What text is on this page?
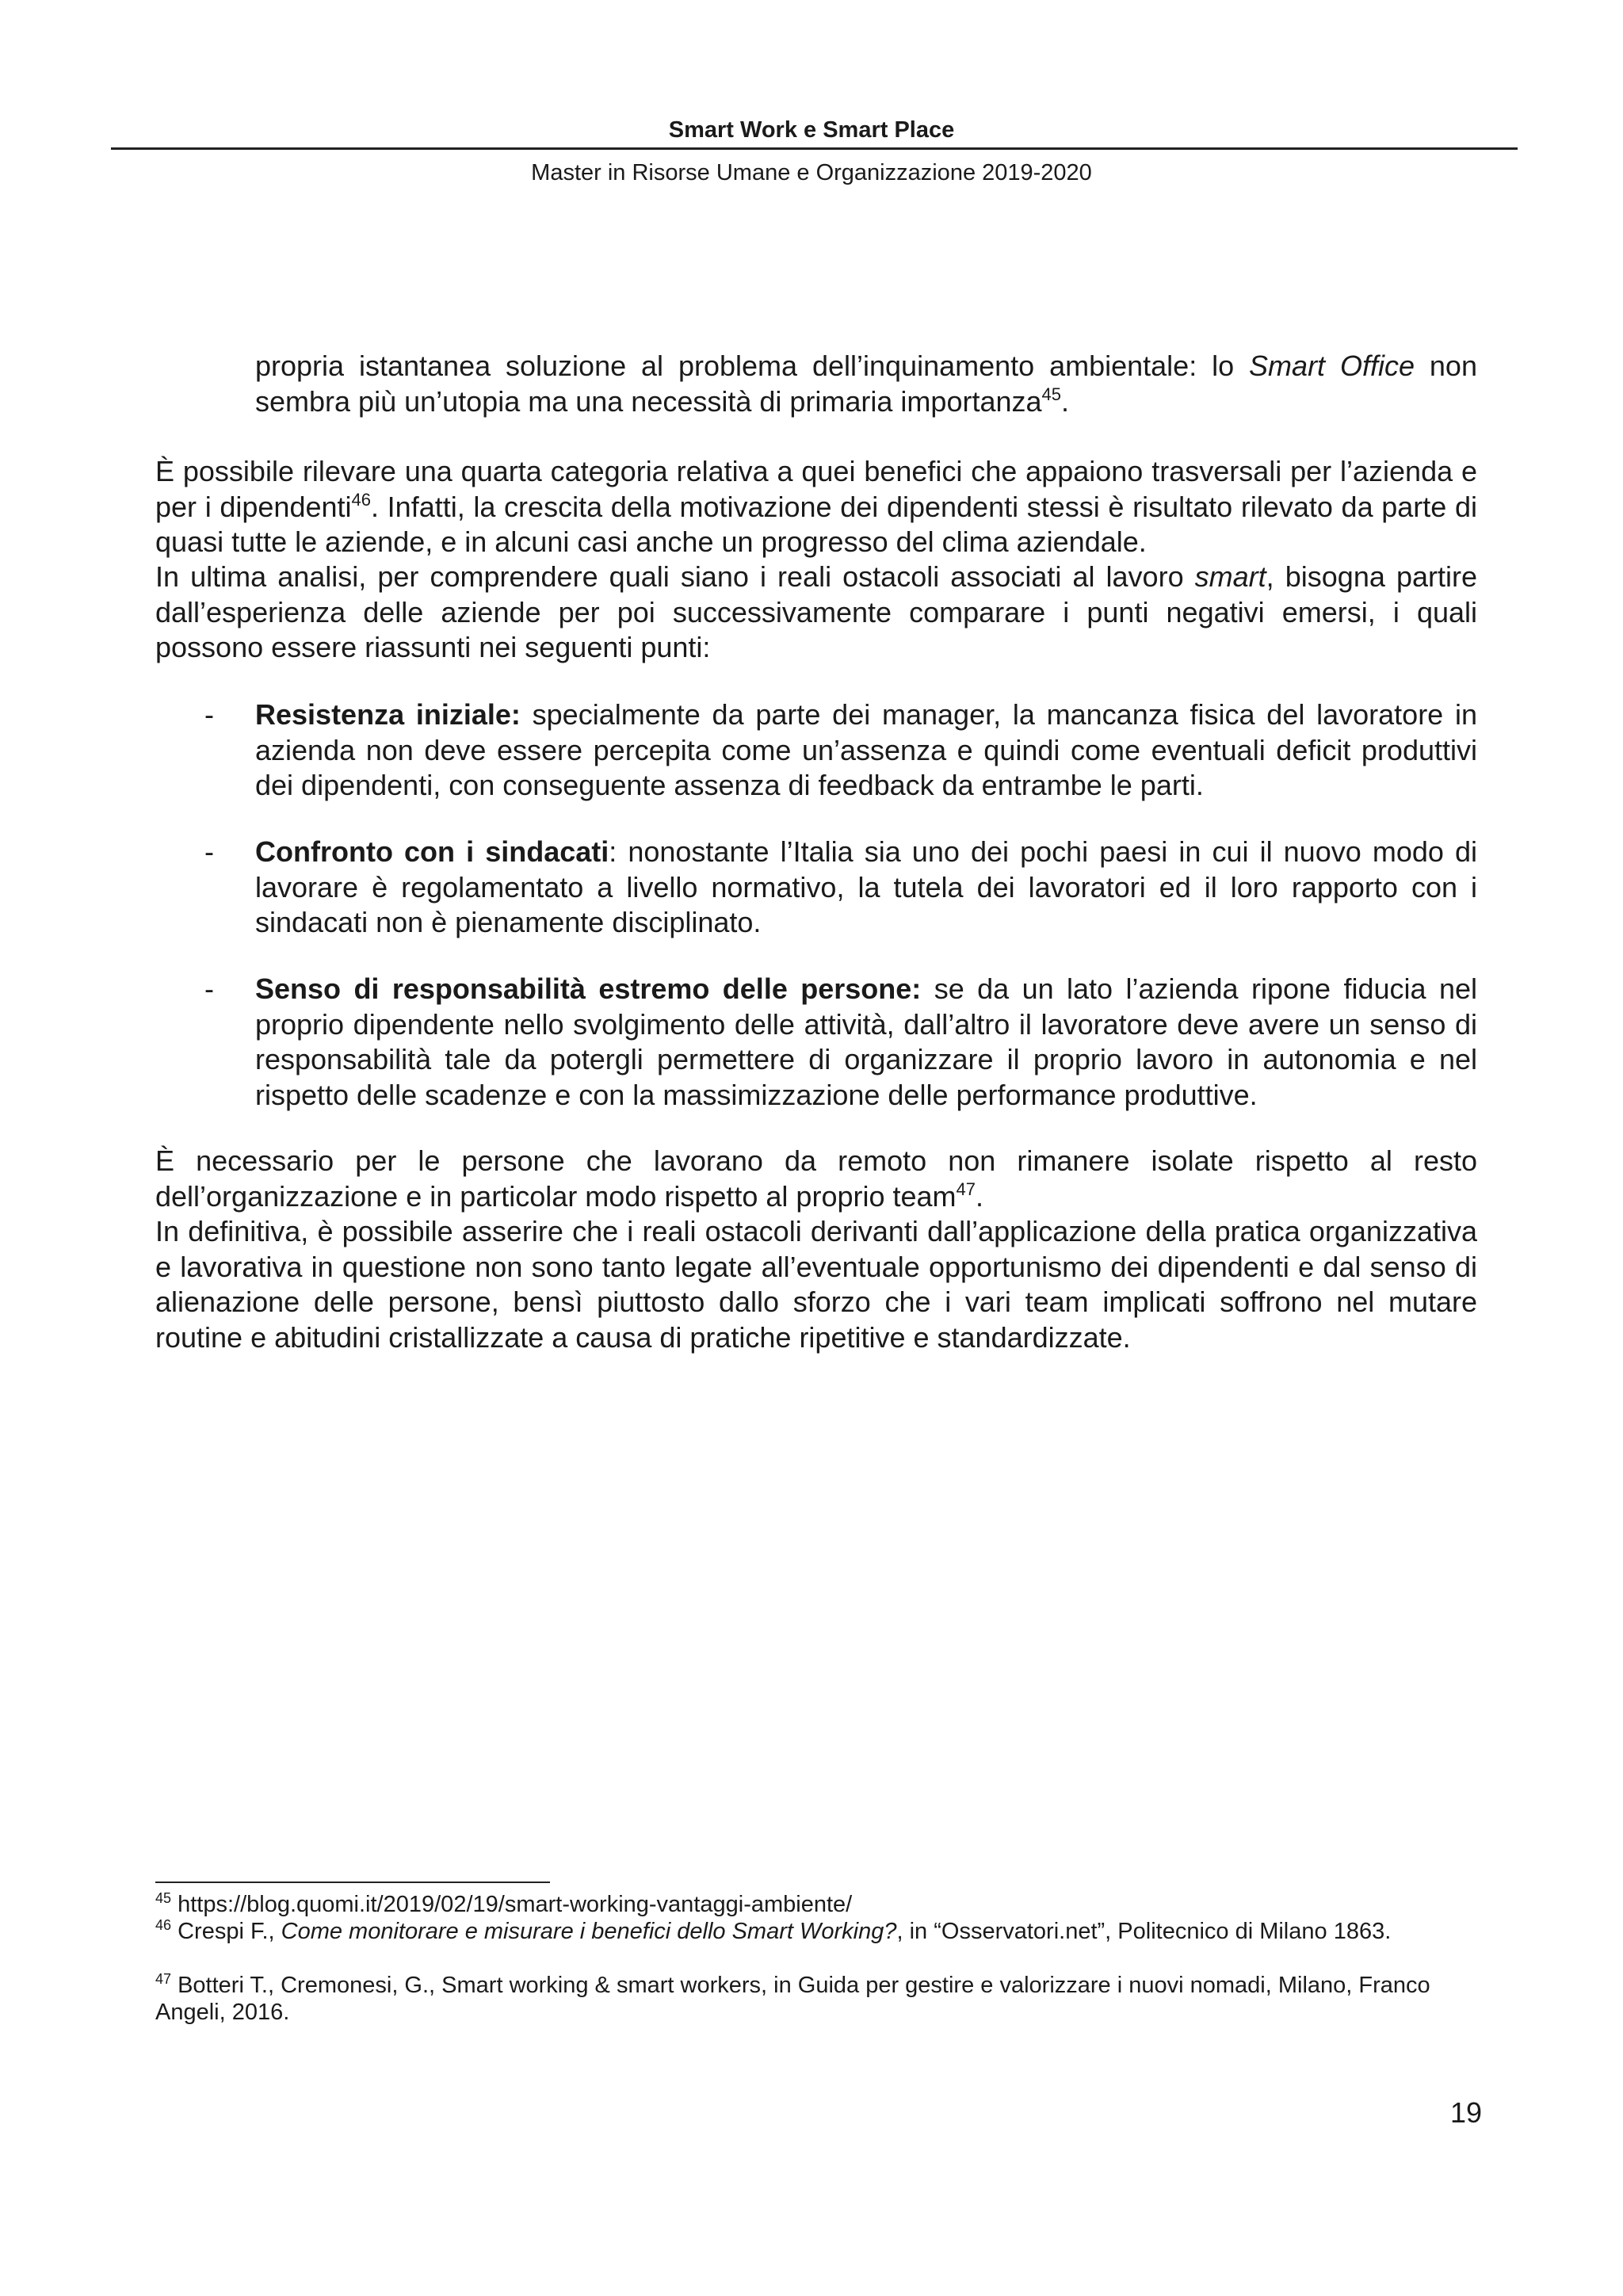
Smart Work e Smart Place
Master in Risorse Umane e Organizzazione 2019-2020
propria istantanea soluzione al problema dell’inquinamento ambientale: lo Smart Office non
sembra più un’utopia ma una necessità di primaria importanza$^{45}$.
È possibile rilevare una quarta categoria relativa a quei benefici che appaiono trasversali per l’azienda e per i dipendenti$^{46}$. Infatti, la crescita della motivazione dei dipendenti stessi è risultato rilevato da parte di quasi tutte le aziende, e in alcuni casi anche un progresso del clima aziendale.
In ultima analisi, per comprendere quali siano i reali ostacoli associati al lavoro smart, bisogna partire dall’esperienza delle aziende per poi successivamente comparare i punti negativi emersi, i quali possono essere riassunti nei seguenti punti:
- Resistenza iniziale: specialmente da parte dei manager, la mancanza fisica del lavoratore in azienda non deve essere percepita come un’assenza e quindi come eventuali deficit produttivi dei dipendenti, con conseguente assenza di feedback da entrambe le parti.
- Confronto con i sindacati: nonostante l’Italia sia uno dei pochi paesi in cui il nuovo modo di lavorare è regolamentato a livello normativo, la tutela dei lavoratori ed il loro rapporto con i sindacati non è pienamente disciplinato.
- Senso di responsabilità estremo delle persone: se da un lato l’azienda ripone fiducia nel proprio dipendente nello svolgimento delle attività, dall’altro il lavoratore deve avere un senso di responsabilità tale da potergli permettere di organizzare il proprio lavoro in autonomia e nel rispetto delle scadenze e con la massimizzazione delle performance produttive.
È necessario per le persone che lavorano da remoto non rimanere isolate rispetto al resto dell’organizzazione e in particolar modo rispetto al proprio team$^{47}$.
In definitiva, è possibile asserire che i reali ostacoli derivanti dall’applicazione della pratica organizzativa e lavorativa in questione non sono tanto legate all’eventuale opportunismo dei dipendenti e dal senso di alienazione delle persone, bensì piuttosto dallo sforzo che i vari team implicati soffrono nel mutare routine e abitudini cristallizzate a causa di pratiche ripetitive e standardizzate.
$^{45}$ https://blog.quomi.it/2019/02/19/smart-working-vantaggi-ambiente/
$^{46}$ Crespi F., Come monitorare e misurare i benefici dello Smart Working?, in “Osservatori.net”, Politecnico di Milano 1863.
$^{47}$ Botteri T., Cremonesi, G., Smart working & smart workers, in Guida per gestire e valorizzare i nuovi nomadi, Milano, Franco Angeli, 2016.
19
